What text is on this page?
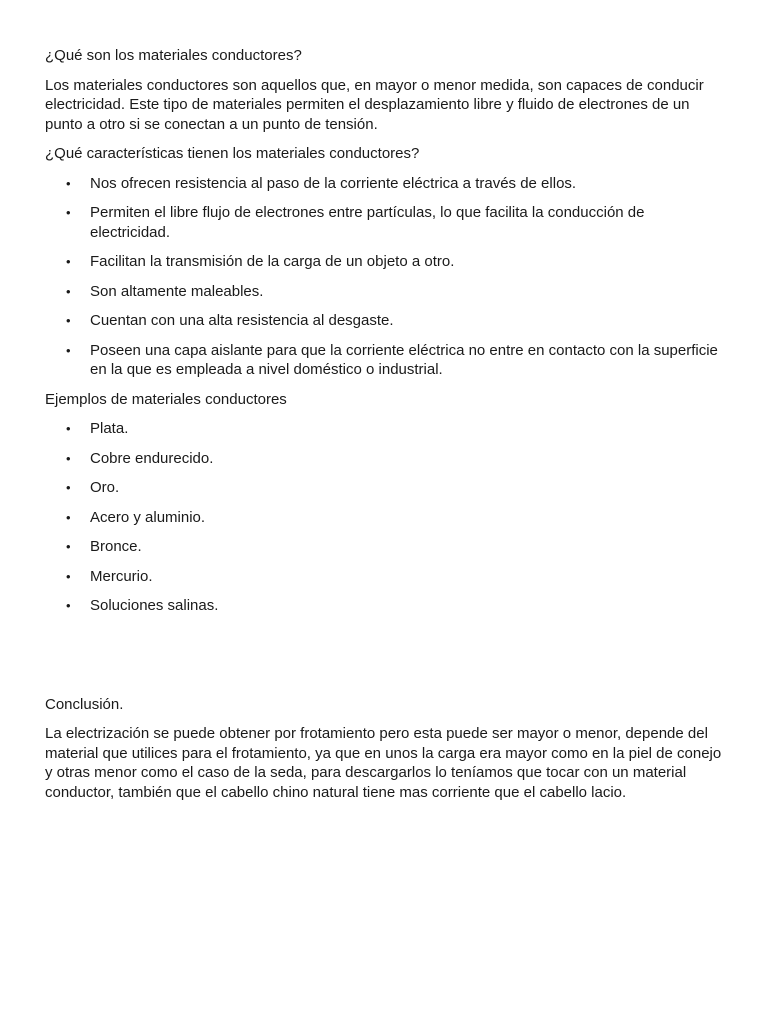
¿Qué son los materiales conductores?

Los materiales conductores son aquellos que, en mayor o menor medida, son capaces de conducir electricidad. Este tipo de materiales permiten el desplazamiento libre y fluido de electrones de un punto a otro si se conectan a un punto de tensión.

¿Qué características tienen los materiales conductores?

• Nos ofrecen resistencia al paso de la corriente eléctrica a través de ellos.
• Permiten el libre flujo de electrones entre partículas, lo que facilita la conducción de electricidad.
• Facilitan la transmisión de la carga de un objeto a otro.
• Son altamente maleables.
• Cuentan con una alta resistencia al desgaste.
• Poseen una capa aislante para que la corriente eléctrica no entre en contacto con la superficie en la que es empleada a nivel doméstico o industrial.

Ejemplos de materiales conductores

• Plata.
• Cobre endurecido.
• Oro.
• Acero y aluminio.
• Bronce.
• Mercurio.
• Soluciones salinas.

Conclusión.

La electrización se puede obtener por frotamiento pero esta puede ser mayor o menor, depende del material que utilices para el frotamiento, ya que en unos la carga era mayor como en la piel de conejo y otras menor como el caso de la seda, para descargarlos lo teníamos que tocar con un material conductor, también que el cabello chino natural tiene mas corriente que el cabello lacio.
